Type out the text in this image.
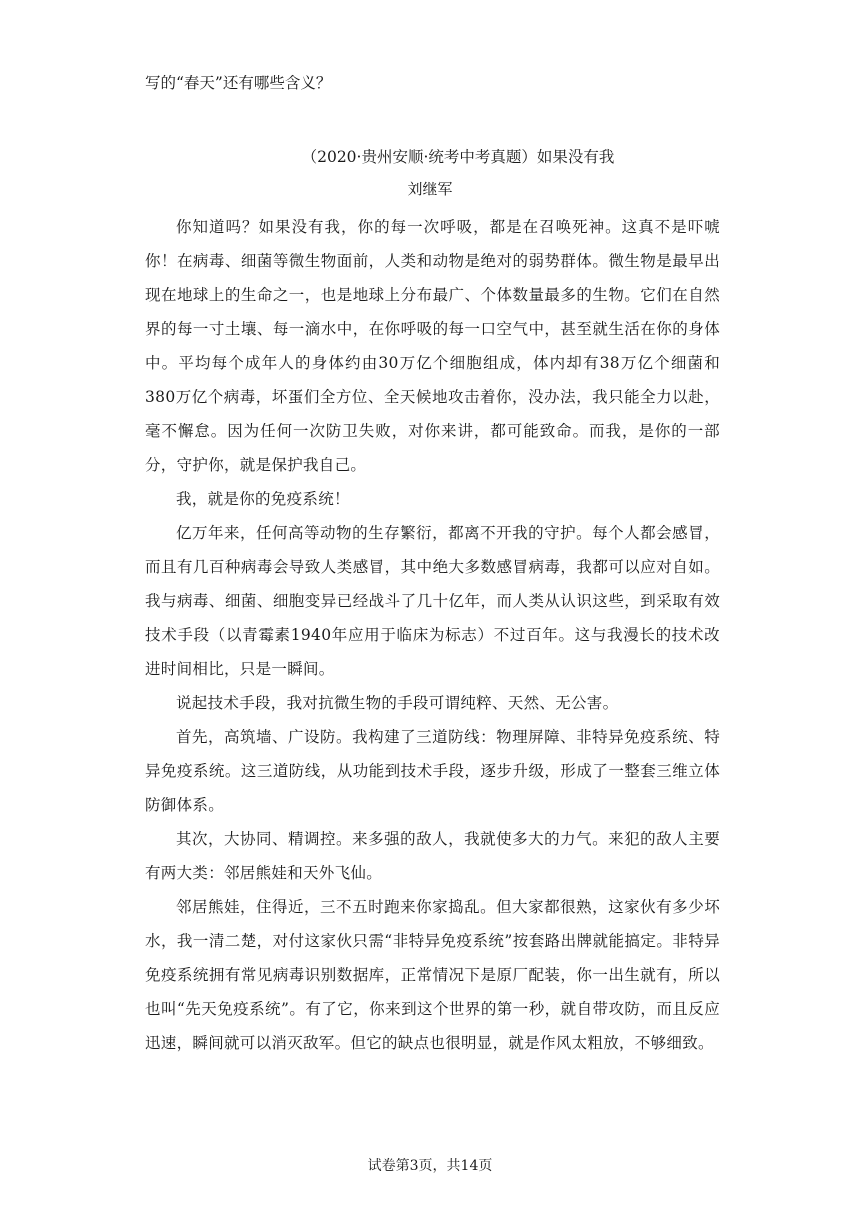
写的“春天”还有哪些含义？
（2020·贵州安顺·统考中考真题）如果没有我
刘继军

你知道吗？如果没有我，你的每一次呼吸，都是在召唤死神。这真不是吓唬你！在病毒、细菌等微生物面前，人类和动物是绝对的弱势群体。微生物是最早出现在地球上的生命之一，也是地球上分布最广、个体数量最多的生物。它们在自然界的每一寸土壤、每一滴水中，在你呼吸的每一口空气中，甚至就生活在你的身体中。平均每个成年人的身体约由30万亿个细胞组成，体内却有38万亿个细菌和380万亿个病毒，坏蛋们全方位、全天候地攻击着你，没办法，我只能全力以赴，毫不懈怠。因为任何一次防卫失败，对你来讲，都可能致命。而我，是你的一部分，守护你，就是保护我自己。

我，就是你的免疫系统！

亿万年来，任何高等动物的生存繁衍，都离不开我的守护。每个人都会感冒，而且有几百种病毒会导致人类感冒，其中绝大多数感冒病毒，我都可以应对自如。我与病毒、细菌、细胞变异已经战斗了几十亿年，而人类从认识这些，到采取有效技术手段（以青霉素1940年应用于临床为标志）不过百年。这与我漫长的技术改进时间相比，只是一瞬间。

说起技术手段，我对抗微生物的手段可谓纯粹、天然、无公害。

首先，高筑墙、广设防。我构建了三道防线：物理屏障、非特异免疫系统、特异免疫系统。这三道防线，从功能到技术手段，逐步升级，形成了一整套三维立体防御体系。

其次，大协同、精调控。来多强的敌人，我就使多大的力气。来犯的敌人主要有两大类：邻居熊娃和天外飞仙。

邻居熊娃，住得近，三不五时跑来你家捣乱。但大家都很熟，这家伙有多少坏水，我一清二楚，对付这家伙只需“非特异免疫系统”按套路出牌就能搞定。非特异免疫系统拥有常见病毒识别数据库，正常情况下是原厂配装，你一出生就有，所以也叫“先天免疫系统”。有了它，你来到这个世界的第一秒，就自带攻防，而且反应迅速，瞬间就可以消灭敌军。但它的缺点也很明显，就是作风太粗放，不够细致。

试卷第3页，共14页
